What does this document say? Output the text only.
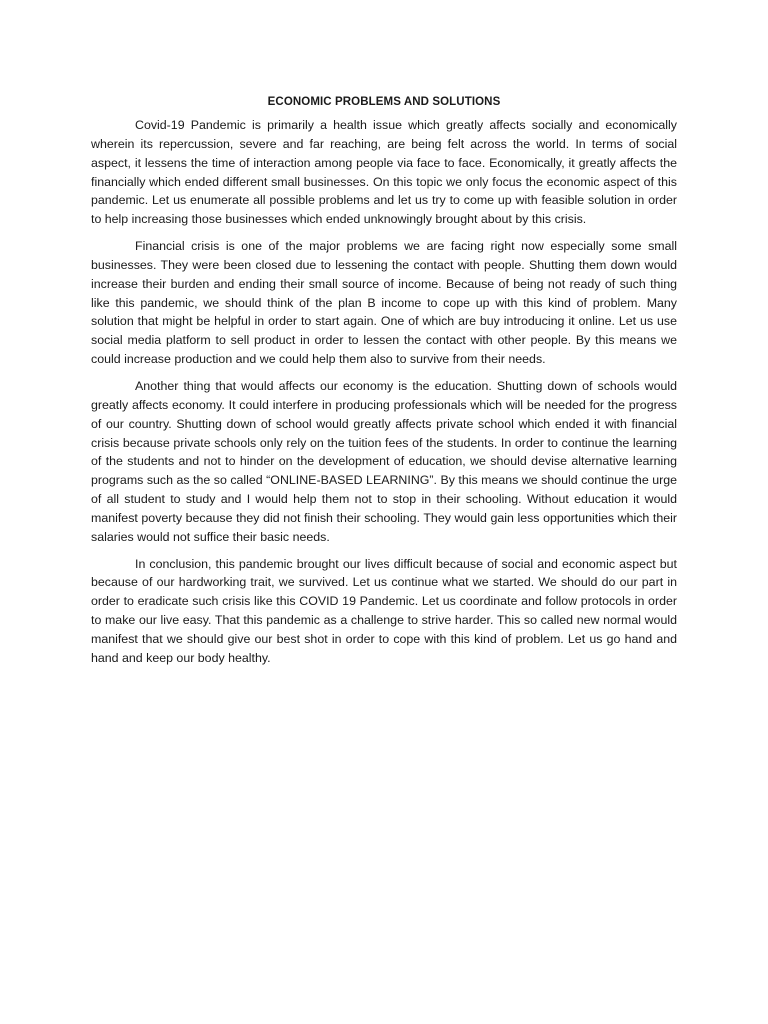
ECONOMIC PROBLEMS AND SOLUTIONS

Covid-19 Pandemic is primarily a health issue which greatly affects socially and economically wherein its repercussion, severe and far reaching, are being felt across the world. In terms of social aspect, it lessens the time of interaction among people via face to face. Economically, it greatly affects the financially which ended different small businesses. On this topic we only focus the economic aspect of this pandemic. Let us enumerate all possible problems and let us try to come up with feasible solution in order to help increasing those businesses which ended unknowingly brought about by this crisis.

Financial crisis is one of the major problems we are facing right now especially some small businesses. They were been closed due to lessening the contact with people. Shutting them down would increase their burden and ending their small source of income. Because of being not ready of such thing like this pandemic, we should think of the plan B income to cope up with this kind of problem. Many solution that might be helpful in order to start again. One of which are buy introducing it online. Let us use social media platform to sell product in order to lessen the contact with other people. By this means we could increase production and we could help them also to survive from their needs.

Another thing that would affects our economy is the education. Shutting down of schools would greatly affects economy. It could interfere in producing professionals which will be needed for the progress of our country. Shutting down of school would greatly affects private school which ended it with financial crisis because private schools only rely on the tuition fees of the students. In order to continue the learning of the students and not to hinder on the development of education, we should devise alternative learning programs such as the so called “ONLINE-BASED LEARNING”. By this means we should continue the urge of all student to study and I would help them not to stop in their schooling. Without education it would manifest poverty because they did not finish their schooling. They would gain less opportunities which their salaries would not suffice their basic needs.

In conclusion, this pandemic brought our lives difficult because of social and economic aspect but because of our hardworking trait, we survived. Let us continue what we started. We should do our part in order to eradicate such crisis like this COVID 19 Pandemic. Let us coordinate and follow protocols in order to make our live easy. That this pandemic as a challenge to strive harder. This so called new normal would manifest that we should give our best shot in order to cope with this kind of problem. Let us go hand and hand and keep our body healthy.
